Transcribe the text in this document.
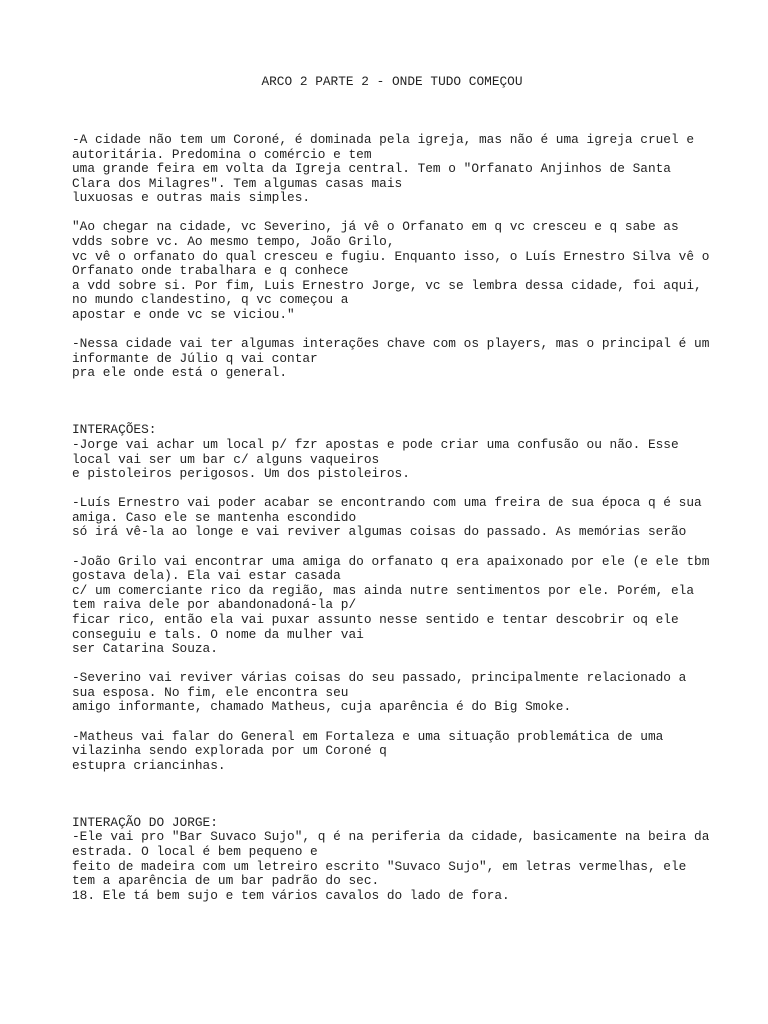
ARCO 2 PARTE 2 - ONDE TUDO COMEÇOU
-A cidade não tem um Coroné, é dominada pela igreja, mas não é uma igreja cruel e
autoritária. Predomina o comércio e tem
uma grande feira em volta da Igreja central. Tem o "Orfanato Anjinhos de Santa
Clara dos Milagres". Tem algumas casas mais
luxuosas e outras mais simples.
"Ao chegar na cidade, vc Severino, já vê o Orfanato em q vc cresceu e q sabe as
vdds sobre vc. Ao mesmo tempo, João Grilo,
vc vê o orfanato do qual cresceu e fugiu. Enquanto isso, o Luís Ernestro Silva vê o
Orfanato onde trabalhara e q conhece
a vdd sobre si. Por fim, Luis Ernestro Jorge, vc se lembra dessa cidade, foi aqui,
no mundo clandestino, q vc começou a
apostar e onde vc se viciou."
-Nessa cidade vai ter algumas interações chave com os players, mas o principal é um
informante de Júlio q vai contar
pra ele onde está o general.
INTERAÇÕES:
-Jorge vai achar um local p/ fzr apostas e pode criar uma confusão ou não. Esse
local vai ser um bar c/ alguns vaqueiros
e pistoleiros perigosos. Um dos pistoleiros.
-Luís Ernestro vai poder acabar se encontrando com uma freira de sua época q é sua
amiga. Caso ele se mantenha escondido
só irá vê-la ao longe e vai reviver algumas coisas do passado. As memórias serão
-João Grilo vai encontrar uma amiga do orfanato q era apaixonado por ele (e ele tbm
gostava dela). Ela vai estar casada
c/ um comerciante rico da região, mas ainda nutre sentimentos por ele. Porém, ela
tem raiva dele por abandonadoná-la p/
ficar rico, então ela vai puxar assunto nesse sentido e tentar descobrir oq ele
conseguiu e tals. O nome da mulher vai
ser Catarina Souza.
-Severino vai reviver várias coisas do seu passado, principalmente relacionado a
sua esposa. No fim, ele encontra seu
amigo informante, chamado Matheus, cuja aparência é do Big Smoke.
-Matheus vai falar do General em Fortaleza e uma situação problemática de uma
vilazinha sendo explorada por um Coroné q
estupra criancinhas.
INTERAÇÃO DO JORGE:
-Ele vai pro "Bar Suvaco Sujo", q é na periferia da cidade, basicamente na beira da
estrada. O local é bem pequeno e
feito de madeira com um letreiro escrito "Suvaco Sujo", em letras vermelhas, ele
tem a aparência de um bar padrão do sec.
18. Ele tá bem sujo e tem vários cavalos do lado de fora.
